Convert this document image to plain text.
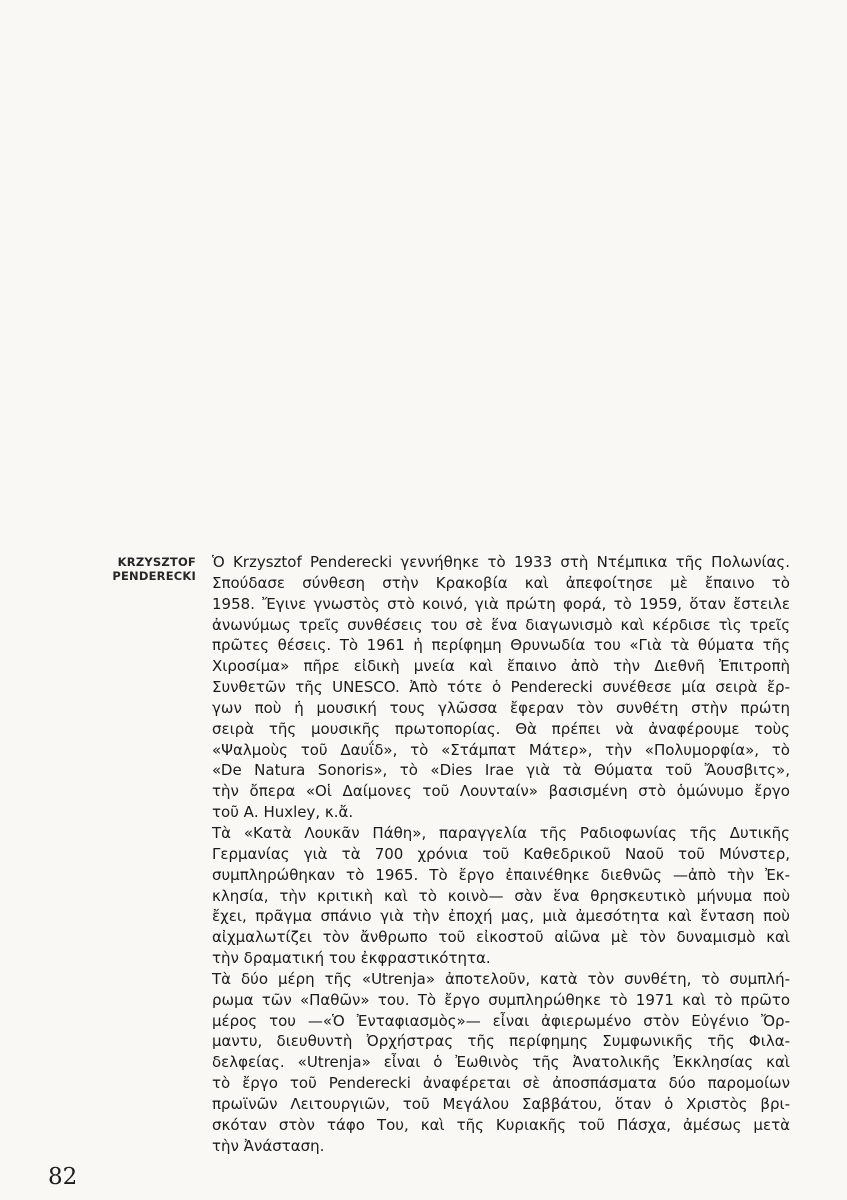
KRZYSZTOF
PENDERECKI
Ὁ Krzysztof Penderecki γεννήθηκε τὸ 1933 στὴ Ντέμπικα τῆς Πολωνίας.
Σπούδασε σύνθεση στὴν Κρακοβία καὶ ἀπεφοίτησε μὲ ἔπαινο τὸ
1958. Ἔγινε γνωστὸς στὸ κοινό, γιὰ πρώτη φορά, τὸ 1959, ὅταν ἔστειλε
ἀνωνύμως τρεῖς συνθέσεις του σὲ ἕνα διαγωνισμὸ καὶ κέρδισε τὶς τρεῖς
πρῶτες θέσεις. Τὸ 1961 ἡ περίφημη Θρυνωδία του «Γιὰ τὰ θύματα τῆς
Χιροσίμα» πῆρε εἰδικὴ μνεία καὶ ἔπαινο ἀπὸ τὴν Διεθνῆ Ἐπιτροπὴ
Συνθετῶν τῆς UNESCO. Ἀπὸ τότε ὁ Penderecki συνέθεσε μία σειρὰ ἔρ-
γων ποὺ ἡ μουσική τους γλῶσσα ἔφεραν τὸν συνθέτη στὴν πρώτη
σειρὰ τῆς μουσικῆς πρωτοπορίας. Θὰ πρέπει νὰ ἀναφέρουμε τοὺς
«Ψαλμοὺς τοῦ Δαυΐδ», τὸ «Στάμπατ Μάτερ», τὴν «Πολυμορφία», τὸ
«De Natura Sonoris», τὸ «Dies Irae γιὰ τὰ Θύματα τοῦ Ἄουσβιτς»,
τὴν ὄπερα «Οἱ Δαίμονες τοῦ Λουνταίν» βασισμένη στὸ ὁμώνυμο ἔργο
τοῦ Α. Huxley, κ.ἄ.
Τὰ «Κατὰ Λουκᾶν Πάθη», παραγγελία τῆς Ραδιοφωνίας τῆς Δυτικῆς
Γερμανίας γιὰ τὰ 700 χρόνια τοῦ Καθεδρικοῦ Ναοῦ τοῦ Μύνστερ,
συμπληρώθηκαν τὸ 1965. Τὸ ἔργο ἐπαινέθηκε διεθνῶς —ἀπὸ τὴν Ἐκ-
κλησία, τὴν κριτικὴ καὶ τὸ κοινὸ— σὰν ἕνα θρησκευτικὸ μήνυμα ποὺ
ἔχει, πρᾶγμα σπάνιο γιὰ τὴν ἐποχή μας, μιὰ ἀμεσότητα καὶ ἔνταση ποὺ
αἰχμαλωτίζει τὸν ἄνθρωπο τοῦ εἰκοστοῦ αἰῶνα μὲ τὸν δυναμισμὸ καὶ
τὴν δραματική του ἐκφραστικότητα.
Τὰ δύο μέρη τῆς «Utrenja» ἀποτελοῦν, κατὰ τὸν συνθέτη, τὸ συμπλή-
ρωμα τῶν «Παθῶν» του. Τὸ ἔργο συμπληρώθηκε τὸ 1971 καὶ τὸ πρῶτο
μέρος του —«Ὁ Ἐνταφιασμὸς»— εἶναι ἀφιερωμένο στὸν Εὐγένιο Ὄρ-
μαντυ, διευθυντὴ Ὀρχήστρας τῆς περίφημης Συμφωνικῆς τῆς Φιλα-
δελφείας. «Utrenja» εἶναι ὁ Ἐωθινὸς τῆς Ἀνατολικῆς Ἐκκλησίας καὶ
τὸ ἔργο τοῦ Penderecki ἀναφέρεται σὲ ἀποσπάσματα δύο παρομοίων
πρωϊνῶν Λειτουργιῶν, τοῦ Μεγάλου Σαββάτου, ὅταν ὁ Χριστὸς βρι-
σκόταν στὸν τάφο Του, καὶ τῆς Κυριακῆς τοῦ Πάσχα, ἀμέσως μετὰ
τὴν Ἀνάσταση.
82
